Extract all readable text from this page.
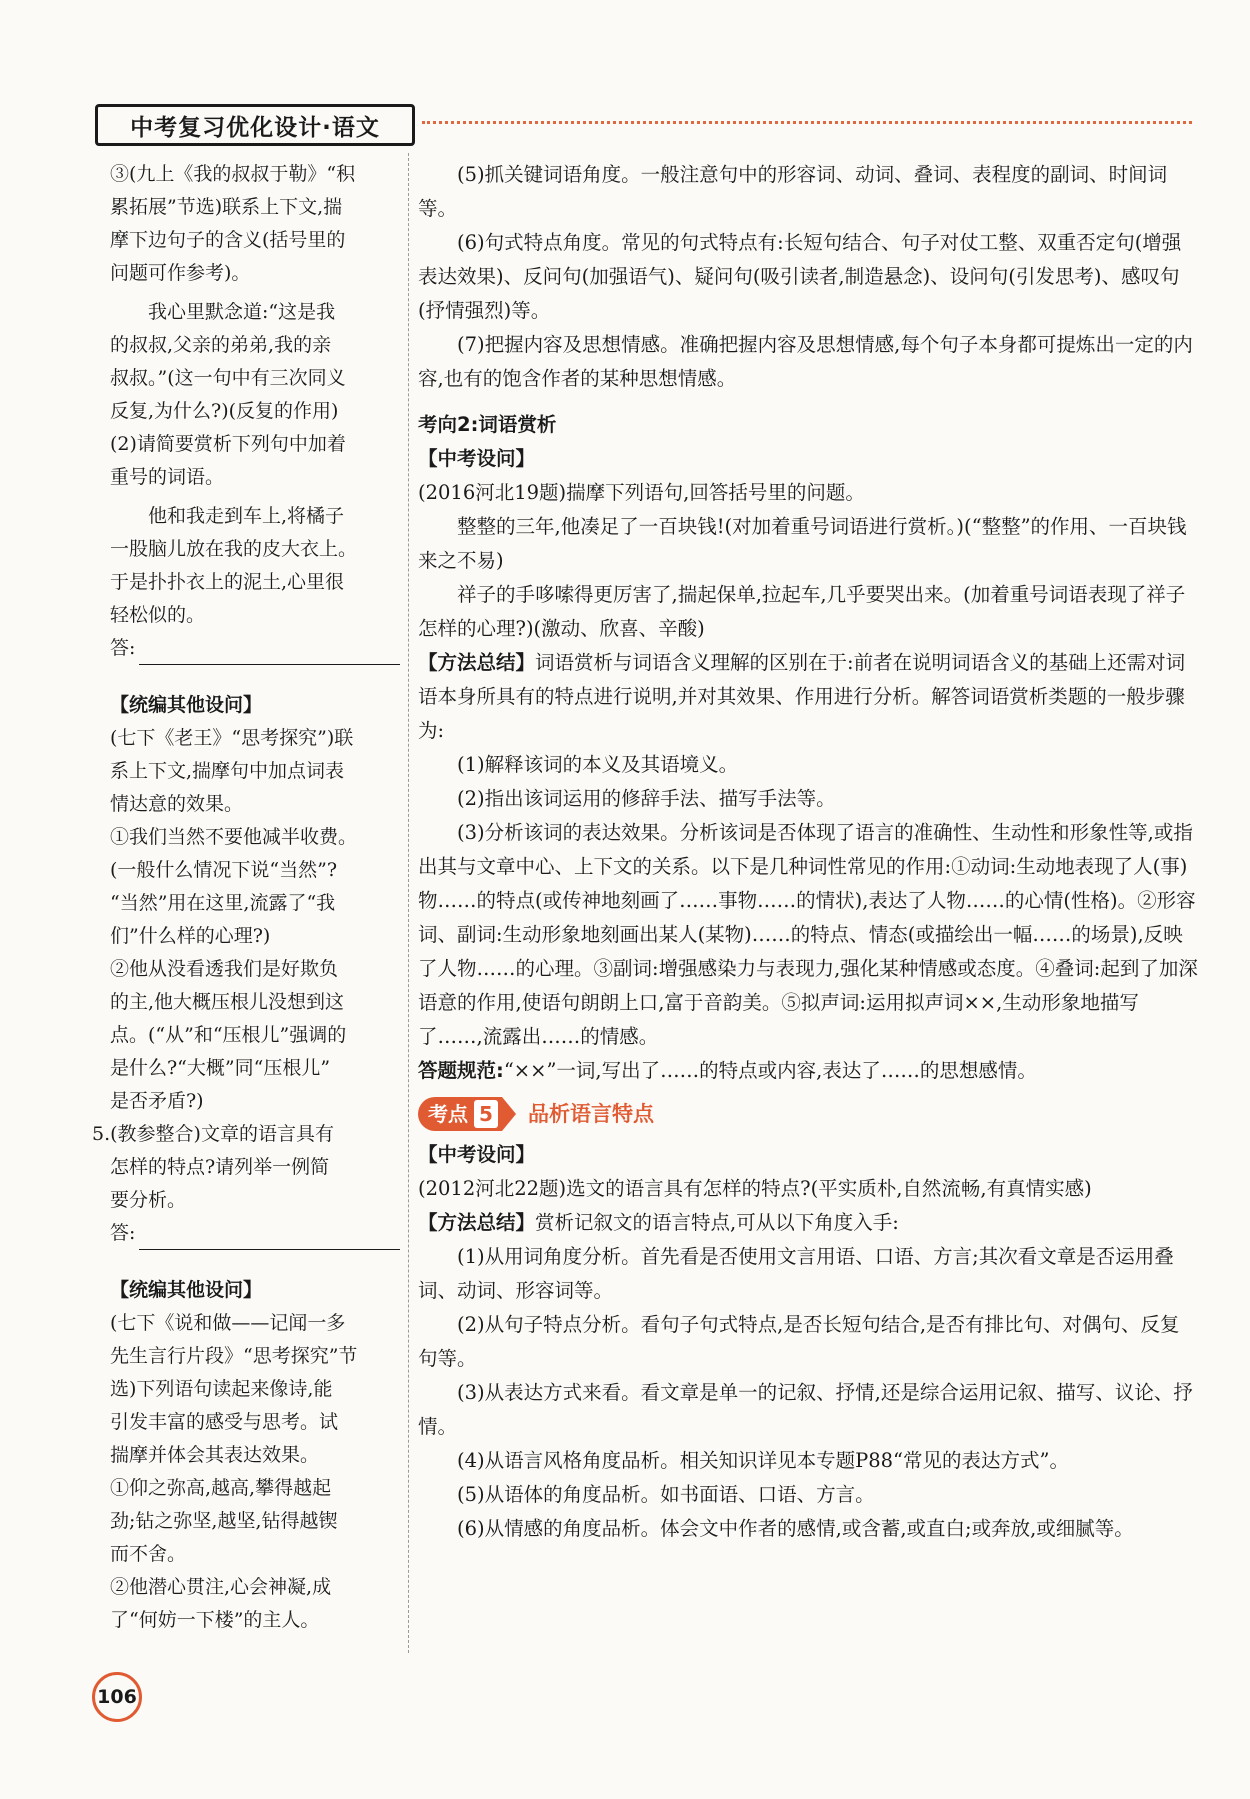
中考复习优化设计·语文

③(九上《我的叔叔于勒》“积

累拓展”节选)联系上下文,揣

摩下边句子的含义(括号里的

问题可作参考)。

我心里默念道:“这是我

的叔叔,父亲的弟弟,我的亲

叔叔。”(这一句中有三次同义

反复,为什么?)(反复的作用)

(2)请简要赏析下列句中加着

重号的词语。

他和我走到车上,将橘子

一股脑儿放在我的皮大衣上。

于是扑扑衣上的泥土,心里很

轻松似的。

答:

【统编其他设问】

(七下《老王》“思考探究”)联

系上下文,揣摩句中加点词表

情达意的效果。

①我们当然不要他减半收费。

(一般什么情况下说“当然”?

“当然”用在这里,流露了“我

们”什么样的心理?)

②他从没看透我们是好欺负

的主,他大概压根儿没想到这

点。(“从”和“压根儿”强调的

是什么?“大概”同“压根儿”

是否矛盾?)

5.(教参整合)文章的语言具有

怎样的特点?请列举一例简

要分析。

答:

【统编其他设问】

(七下《说和做——记闻一多

先生言行片段》“思考探究”节

选)下列语句读起来像诗,能

引发丰富的感受与思考。试

揣摩并体会其表达效果。

①仰之弥高,越高,攀得越起

劲;钻之弥坚,越坚,钻得越锲

而不舍。

②他潜心贯注,心会神凝,成

了“何妨一下楼”的主人。

(5)抓关键词语角度。一般注意句中的形容词、动词、叠词、表程度的副词、时间词等。

(6)句式特点角度。常见的句式特点有:长短句结合、句子对仗工整、双重否定句(增强表达效果)、反问句(加强语气)、疑问句(吸引读者,制造悬念)、设问句(引发思考)、感叹句(抒情强烈)等。

(7)把握内容及思想情感。准确把握内容及思想情感,每个句子本身都可提炼出一定的内容,也有的饱含作者的某种思想情感。

考向2:词语赏析

【中考设问】

(2016河北19题)揣摩下列语句,回答括号里的问题。

整整的三年,他凑足了一百块钱!(对加着重号词语进行赏析。)(“整整”的作用、一百块钱来之不易)

祥子的手哆嗦得更厉害了,揣起保单,拉起车,几乎要哭出来。(加着重号词语表现了祥子怎样的心理?)(激动、欣喜、辛酸)

【方法总结】词语赏析与词语含义理解的区别在于:前者在说明词语含义的基础上还需对词语本身所具有的特点进行说明,并对其效果、作用进行分析。解答词语赏析类题的一般步骤为:

(1)解释该词的本义及其语境义。

(2)指出该词运用的修辞手法、描写手法等。

(3)分析该词的表达效果。分析该词是否体现了语言的准确性、生动性和形象性等,或指出其与文章中心、上下文的关系。以下是几种词性常见的作用:①动词:生动地表现了人(事)物……的特点(或传神地刻画了……事物……的情状),表达了人物……的心情(性格)。②形容词、副词:生动形象地刻画出某人(某物)……的特点、情态(或描绘出一幅……的场景),反映了人物……的心理。③副词:增强感染力与表现力,强化某种情感或态度。④叠词:起到了加深语意的作用,使语句朗朗上口,富于音韵美。⑤拟声词:运用拟声词××,生动形象地描写了……,流露出……的情感。

答题规范:“××”一词,写出了……的特点或内容,表达了……的思想感情。

考点 5 品析语言特点

【中考设问】

(2012河北22题)选文的语言具有怎样的特点?(平实质朴,自然流畅,有真情实感)

【方法总结】赏析记叙文的语言特点,可从以下角度入手:

(1)从用词角度分析。首先看是否使用文言用语、口语、方言;其次看文章是否运用叠词、动词、形容词等。

(2)从句子特点分析。看句子句式特点,是否长短句结合,是否有排比句、对偶句、反复句等。

(3)从表达方式来看。看文章是单一的记叙、抒情,还是综合运用记叙、描写、议论、抒情。

(4)从语言风格角度品析。相关知识详见本专题P88“常见的表达方式”。

(5)从语体的角度品析。如书面语、口语、方言。

(6)从情感的角度品析。体会文中作者的感情,或含蓄,或直白;或奔放,或细腻等。

106
